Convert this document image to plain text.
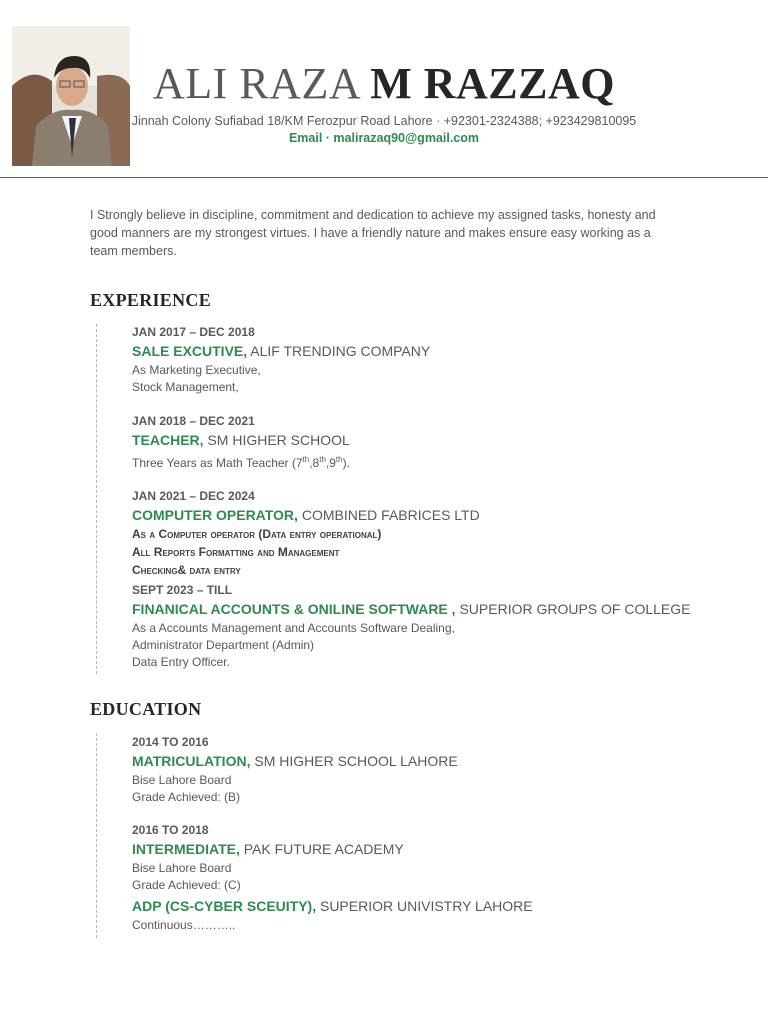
ALI RAZA M RAZZAQ
Jinnah Colony Sufiabad 18/KM Ferozpur Road Lahore · +92301-2324388; +923429810095
Email · malirazaq90@gmail.com
I Strongly believe in discipline, commitment and dedication to achieve my assigned tasks, honesty and good manners are my strongest virtues. I have a friendly nature and makes ensure easy working as a team members.
EXPERIENCE
JAN 2017 – DEC 2018
SALE EXCUTIVE, ALIF TRENDING COMPANY
As Marketing Executive,
Stock Management,
JAN 2018 – DEC 2021
TEACHER, SM HIGHER SCHOOL
Three Years as Math Teacher (7th,8th,9th).
JAN 2021 – DEC 2024
COMPUTER OPERATOR, COMBINED FABRICES LTD
As a Computer operator (Data entry operational)
All Reports Formatting and Management
Checking& data entry
SEPT 2023 – TILL
FINANICAL ACCOUNTS & ONILINE SOFTWARE , SUPERIOR GROUPS OF COLLEGE
As a Accounts Management and Accounts Software Dealing,
Administrator Department (Admin)
Data Entry Officer.
EDUCATION
2014 TO 2016
MATRICULATION, SM HIGHER SCHOOL LAHORE
Bise Lahore Board
Grade Achieved: (B)
2016 TO 2018
INTERMEDIATE, PAK FUTURE ACADEMY
Bise Lahore Board
Grade Achieved: (C)
ADP (CS-CYBER SCEUITY), SUPERIOR UNIVISTRY LAHORE
Continuous………..
